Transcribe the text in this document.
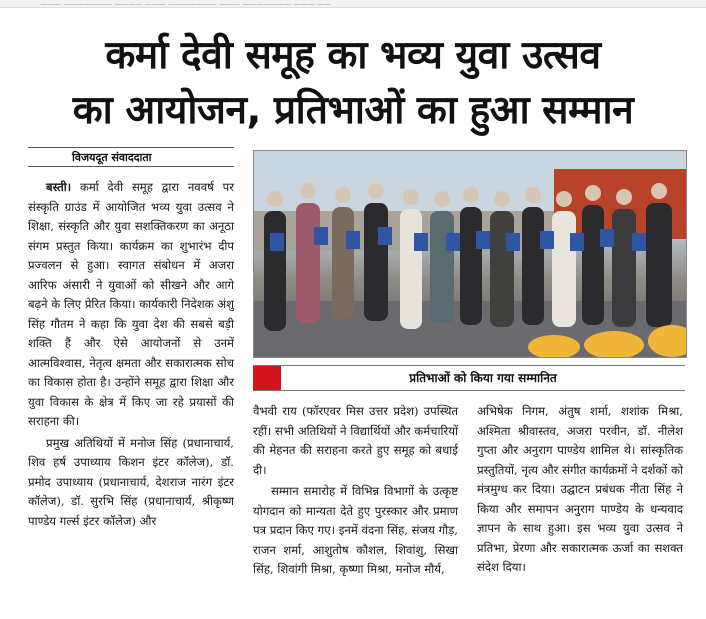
——— ——————— ———— ——— ——————— ——— ——————— ——— ——
कर्मा देवी समूह का भव्य युवा उत्सव
का आयोजन, प्रतिभाओं का हुआ सम्मान
विजयदूत संवाददाता

बस्ती। कर्मा देवी समूह द्वारा नववर्ष पर संस्कृति ग्राउंड में आयोजित भव्य युवा उत्सव ने शिक्षा, संस्कृति और युवा सशक्तिकरण का अनूठा संगम प्रस्तुत किया। कार्यक्रम का शुभारंभ दीप प्रज्वलन से हुआ। स्वागत संबोधन में अजरा आरिफ अंसारी ने युवाओं को सीखने और आगे बढ़ने के लिए प्रेरित किया। कार्यकारी निदेशक अंशु सिंह गौतम ने कहा कि युवा देश की सबसे बड़ी शक्ति हैं और ऐसे आयोजनों से उनमें आत्मविश्वास, नेतृत्व क्षमता और सकारात्मक सोच का विकास होता है। उन्होंने समूह द्वारा शिक्षा और युवा विकास के क्षेत्र में किए जा रहे प्रयासों की सराहना की।

प्रमुख अतिथियों में मनोज सिंह (प्रधानाचार्य, शिव हर्ष उपाध्याय किशन इंटर कॉलेज), डॉ. प्रमोद उपाध्याय (प्रधानाचार्य, देशराज नारंग इंटर कॉलेज), डॉ. सुरभि सिंह (प्रधानाचार्य, श्रीकृष्ण पाण्डेय गर्ल्स इंटर कॉलेज) और

प्रतिभाओं को किया गया सम्मानित

वैभवी राय (फॉरएवर मिस उत्तर प्रदेश) उपस्थित रहीं। सभी अतिथियों ने विद्यार्थियों और कर्मचारियों की मेहनत की सराहना करते हुए समूह को बधाई दी।

सम्मान समारोह में विभिन्न विभागों के उत्कृष्ट योगदान को मान्यता देते हुए पुरस्कार और प्रमाण पत्र प्रदान किए गए। इनमें वंदना सिंह, संजय गौड़, राजन शर्मा, आशुतोष कौशल, शिवांशु, सिखा सिंह, शिवांगी मिश्रा, कृष्णा मिश्रा, मनोज मौर्य,

अभिषेक निगम, अंतुष शर्मा, शशांक मिश्रा, अश्मिता श्रीवास्तव, अजरा परवीन, डॉ. नीलेश गुप्ता और अनुराग पाण्डेय शामिल थे। सांस्कृतिक प्रस्तुतियों, नृत्य और संगीत कार्यक्रमों ने दर्शकों को मंत्रमुग्ध कर दिया। उद्घाटन प्रबंधक नीता सिंह ने किया और समापन अनुराग पाण्डेय के धन्यवाद ज्ञापन के साथ हुआ। इस भव्य युवा उत्सव ने प्रतिभा, प्रेरणा और सकारात्मक ऊर्जा का सशक्त संदेश दिया।
